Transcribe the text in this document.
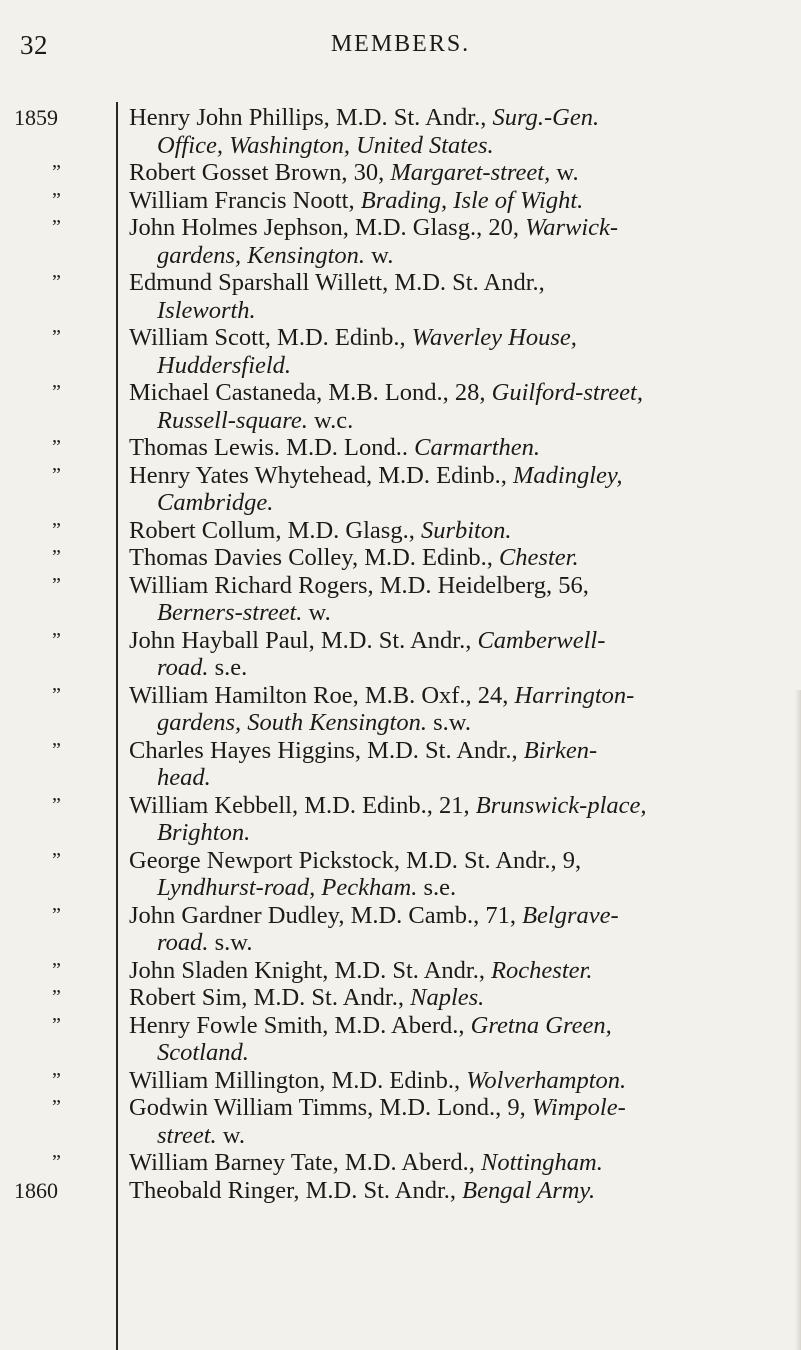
32	MEMBERS.
1859	Henry John Phillips, M.D. St. Andr., Surg.-Gen.
Office, Washington, United States.
”	Robert Gosset Brown, 30, Margaret-street, w.
”	William Francis Noott, Brading, Isle of Wight.
”	John Holmes Jephson, M.D. Glasg., 20, Warwick-
gardens, Kensington. w.
”	Edmund Sparshall Willett, M.D. St. Andr.,
Isleworth.
”	William Scott, M.D. Edinb., Waverley House,
Huddersfield.
”	Michael Castaneda, M.B. Lond., 28, Guilford-street,
Russell-square. w.c.
”	Thomas Lewis. M.D. Lond.. Carmarthen.
”	Henry Yates Whytehead, M.D. Edinb., Madingley,
Cambridge.
”	Robert Collum, M.D. Glasg., Surbiton.
”	Thomas Davies Colley, M.D. Edinb., Chester.
”	William Richard Rogers, M.D. Heidelberg, 56,
Berners-street. w.
”	John Hayball Paul, M.D. St. Andr., Camberwell-
road. s.e.
”	William Hamilton Roe, M.B. Oxf., 24, Harrington-
gardens, South Kensington. s.w.
”	Charles Hayes Higgins, M.D. St. Andr., Birken-
head.
”	William Kebbell, M.D. Edinb., 21, Brunswick-place,
Brighton.
”	George Newport Pickstock, M.D. St. Andr., 9,
Lyndhurst-road, Peckham. s.e.
”	John Gardner Dudley, M.D. Camb., 71, Belgrave-
road. s.w.
”	John Sladen Knight, M.D. St. Andr., Rochester.
”	Robert Sim, M.D. St. Andr., Naples.
”	Henry Fowle Smith, M.D. Aberd., Gretna Green,
Scotland.
”	William Millington, M.D. Edinb., Wolverhampton.
”	Godwin William Timms, M.D. Lond., 9, Wimpole-
street. w.
”	William Barney Tate, M.D. Aberd., Nottingham.
1860	Theobald Ringer, M.D. St. Andr., Bengal Army.
